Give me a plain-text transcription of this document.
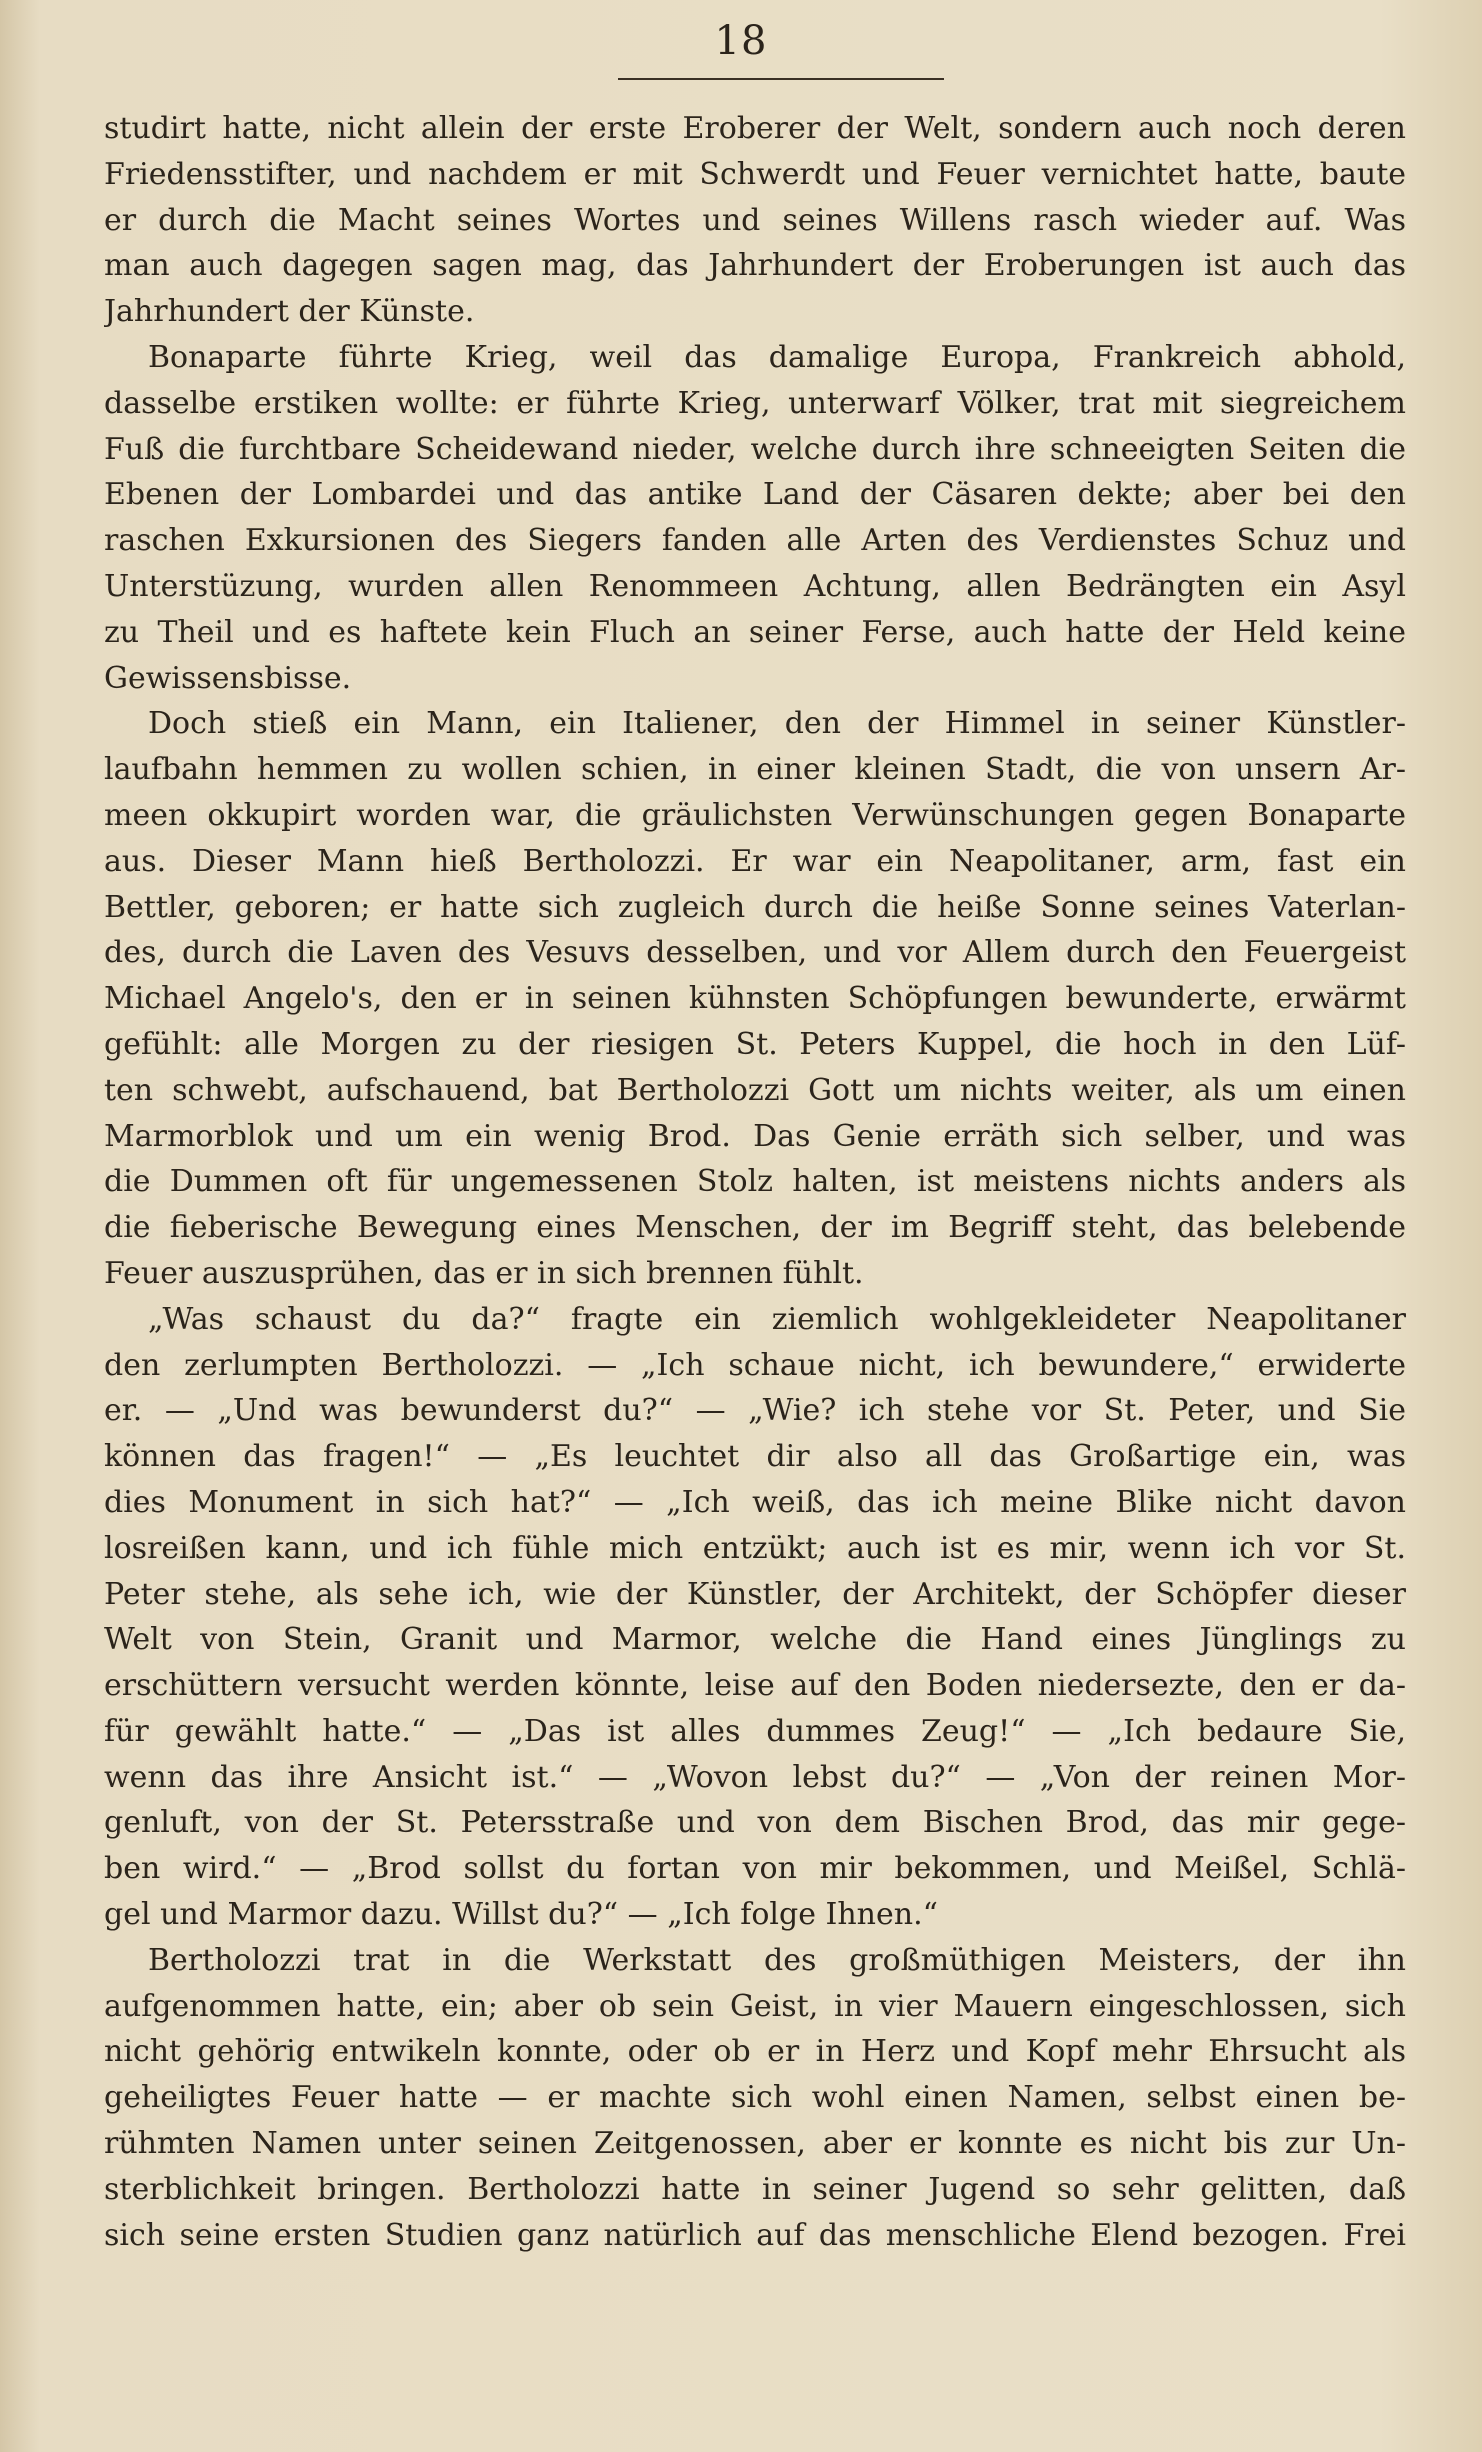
18
studirt hatte, nicht allein der erste Eroberer der Welt, sondern auch noch deren
Friedensstifter, und nachdem er mit Schwerdt und Feuer vernichtet hatte, baute
er durch die Macht seines Wortes und seines Willens rasch wieder auf. Was
man auch dagegen sagen mag, das Jahrhundert der Eroberungen ist auch das
Jahrhundert der Künste.
Bonaparte führte Krieg, weil das damalige Europa, Frankreich abhold,
dasselbe erstiken wollte: er führte Krieg, unterwarf Völker, trat mit siegreichem
Fuß die furchtbare Scheidewand nieder, welche durch ihre schneeigten Seiten die
Ebenen der Lombardei und das antike Land der Cäsaren dekte; aber bei den
raschen Exkursionen des Siegers fanden alle Arten des Verdienstes Schuz und
Unterstüzung, wurden allen Renommeen Achtung, allen Bedrängten ein Asyl
zu Theil und es haftete kein Fluch an seiner Ferse, auch hatte der Held keine
Gewissensbisse.
Doch stieß ein Mann, ein Italiener, den der Himmel in seiner Künstler-
laufbahn hemmen zu wollen schien, in einer kleinen Stadt, die von unsern Ar-
meen okkupirt worden war, die gräulichsten Verwünschungen gegen Bonaparte
aus. Dieser Mann hieß Bertholozzi. Er war ein Neapolitaner, arm, fast ein
Bettler, geboren; er hatte sich zugleich durch die heiße Sonne seines Vaterlan-
des, durch die Laven des Vesuvs desselben, und vor Allem durch den Feuergeist
Michael Angelo's, den er in seinen kühnsten Schöpfungen bewunderte, erwärmt
gefühlt: alle Morgen zu der riesigen St. Peters Kuppel, die hoch in den Lüf-
ten schwebt, aufschauend, bat Bertholozzi Gott um nichts weiter, als um einen
Marmorblok und um ein wenig Brod. Das Genie erräth sich selber, und was
die Dummen oft für ungemessenen Stolz halten, ist meistens nichts anders als
die fieberische Bewegung eines Menschen, der im Begriff steht, das belebende
Feuer auszusprühen, das er in sich brennen fühlt.
„Was schaust du da?“ fragte ein ziemlich wohlgekleideter Neapolitaner
den zerlumpten Bertholozzi. — „Ich schaue nicht, ich bewundere,“ erwiderte
er. — „Und was bewunderst du?“ — „Wie? ich stehe vor St. Peter, und Sie
können das fragen!“ — „Es leuchtet dir also all das Großartige ein, was
dies Monument in sich hat?“ — „Ich weiß, das ich meine Blike nicht davon
losreißen kann, und ich fühle mich entzükt; auch ist es mir, wenn ich vor St.
Peter stehe, als sehe ich, wie der Künstler, der Architekt, der Schöpfer dieser
Welt von Stein, Granit und Marmor, welche die Hand eines Jünglings zu
erschüttern versucht werden könnte, leise auf den Boden niedersezte, den er da-
für gewählt hatte.“ — „Das ist alles dummes Zeug!“ — „Ich bedaure Sie,
wenn das ihre Ansicht ist.“ — „Wovon lebst du?“ — „Von der reinen Mor-
genluft, von der St. Petersstraße und von dem Bischen Brod, das mir gege-
ben wird.“ — „Brod sollst du fortan von mir bekommen, und Meißel, Schlä-
gel und Marmor dazu. Willst du?“ — „Ich folge Ihnen.“
Bertholozzi trat in die Werkstatt des großmüthigen Meisters, der ihn
aufgenommen hatte, ein; aber ob sein Geist, in vier Mauern eingeschlossen, sich
nicht gehörig entwikeln konnte, oder ob er in Herz und Kopf mehr Ehrsucht als
geheiligtes Feuer hatte — er machte sich wohl einen Namen, selbst einen be-
rühmten Namen unter seinen Zeitgenossen, aber er konnte es nicht bis zur Un-
sterblichkeit bringen. Bertholozzi hatte in seiner Jugend so sehr gelitten, daß
sich seine ersten Studien ganz natürlich auf das menschliche Elend bezogen. Frei
